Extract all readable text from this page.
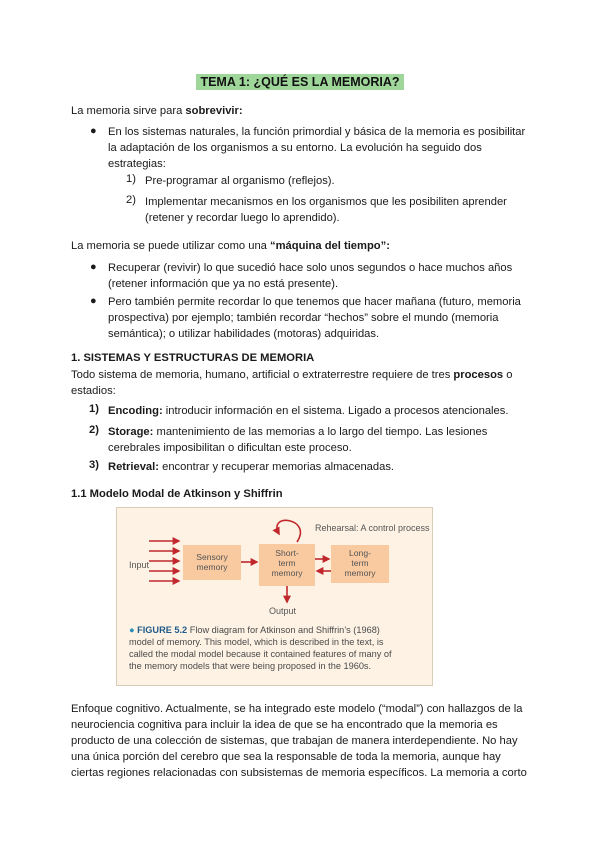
TEMA 1: ¿QUÉ ES LA MEMORIA?
La memoria sirve para sobrevivir:
● En los sistemas naturales, la función primordial y básica de la memoria es posibilitar
la adaptación de los organismos a su entorno. La evolución ha seguido dos
estrategias:
1) Pre-programar al organismo (reflejos).
2) Implementar mecanismos en los organismos que les posibiliten aprender
(retener y recordar luego lo aprendido).
La memoria se puede utilizar como una “máquina del tiempo”:
● Recuperar (revivir) lo que sucedió hace solo unos segundos o hace muchos años
(retener información que ya no está presente).
● Pero también permite recordar lo que tenemos que hacer mañana (futuro, memoria
prospectiva) por ejemplo; también recordar “hechos” sobre el mundo (memoria
semántica); o utilizar habilidades (motoras) adquiridas.
1. SISTEMAS Y ESTRUCTURAS DE MEMORIA
Todo sistema de memoria, humano, artificial o extraterrestre requiere de tres procesos o
estadios:
1) Encoding: introducir información en el sistema. Ligado a procesos atencionales.
2) Storage: mantenimiento de las memorias a lo largo del tiempo. Las lesiones
cerebrales imposibilitan o dificultan este proceso.
3) Retrieval: encontrar y recuperar memorias almacenadas.
1.1 Modelo Modal de Atkinson y Shiffrin
Rehearsal: A control process
Input
Output
Sensory
memory
Short-
term
memory
Long-
term
memory
● FIGURE 5.2 Flow diagram for Atkinson and Shiffrin’s (1968)
model of memory. This model, which is described in the text, is
called the modal model because it contained features of many of
the memory models that were being proposed in the 1960s.
Enfoque cognitivo. Actualmente, se ha integrado este modelo (“modal”) con hallazgos de la
neurociencia cognitiva para incluir la idea de que se ha encontrado que la memoria es
producto de una colección de sistemas, que trabajan de manera interdependiente. No hay
una única porción del cerebro que sea la responsable de toda la memoria, aunque hay
ciertas regiones relacionadas con subsistemas de memoria específicos. La memoria a corto
